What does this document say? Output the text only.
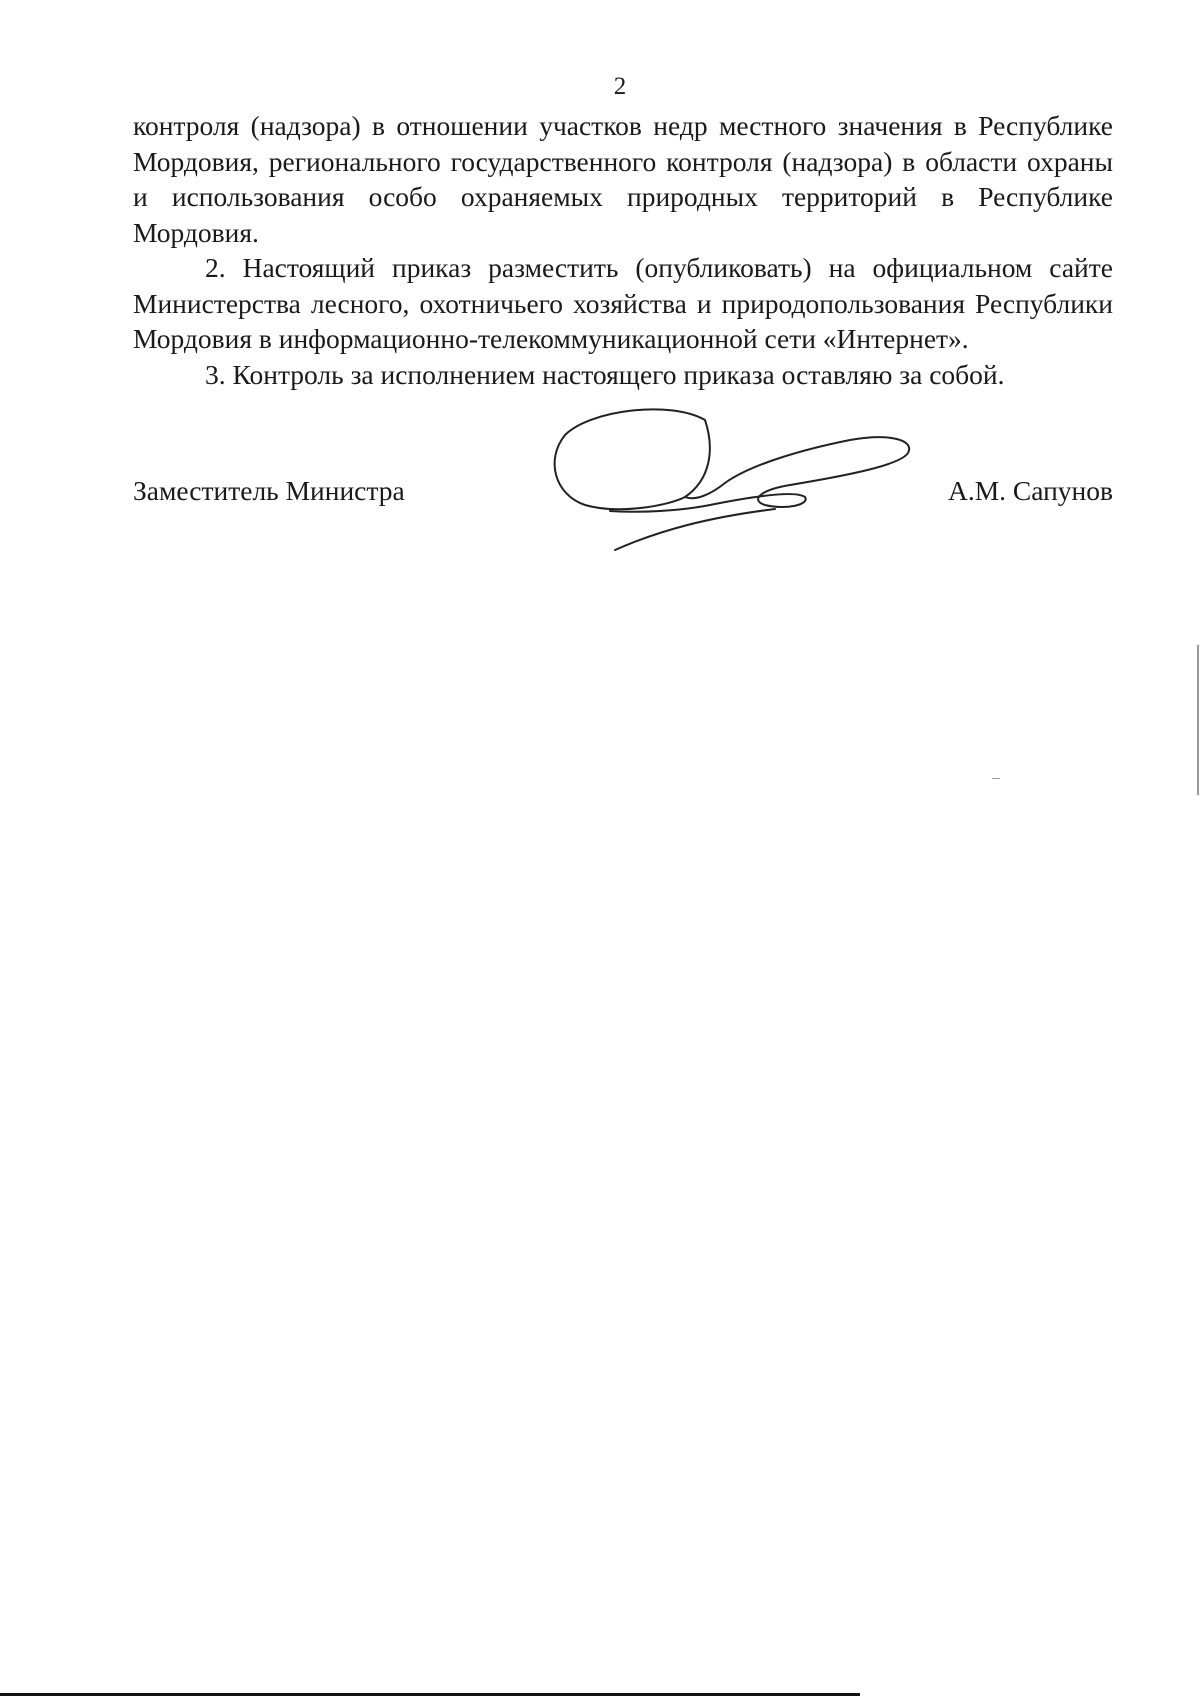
2

контроля (надзора) в отношении участков недр местного значения в Республике Мордовия, регионального государственного контроля (надзора) в области охраны и использования особо охраняемых природных территорий в Республике Мордовия.

2. Настоящий приказ разместить (опубликовать) на официальном сайте Министерства лесного, охотничьего хозяйства и природопользования Республики Мордовия в информационно-телекоммуникационной сети «Интернет».

3. Контроль за исполнением настоящего приказа оставляю за собой.

Заместитель Министра	А.М. Сапунов
